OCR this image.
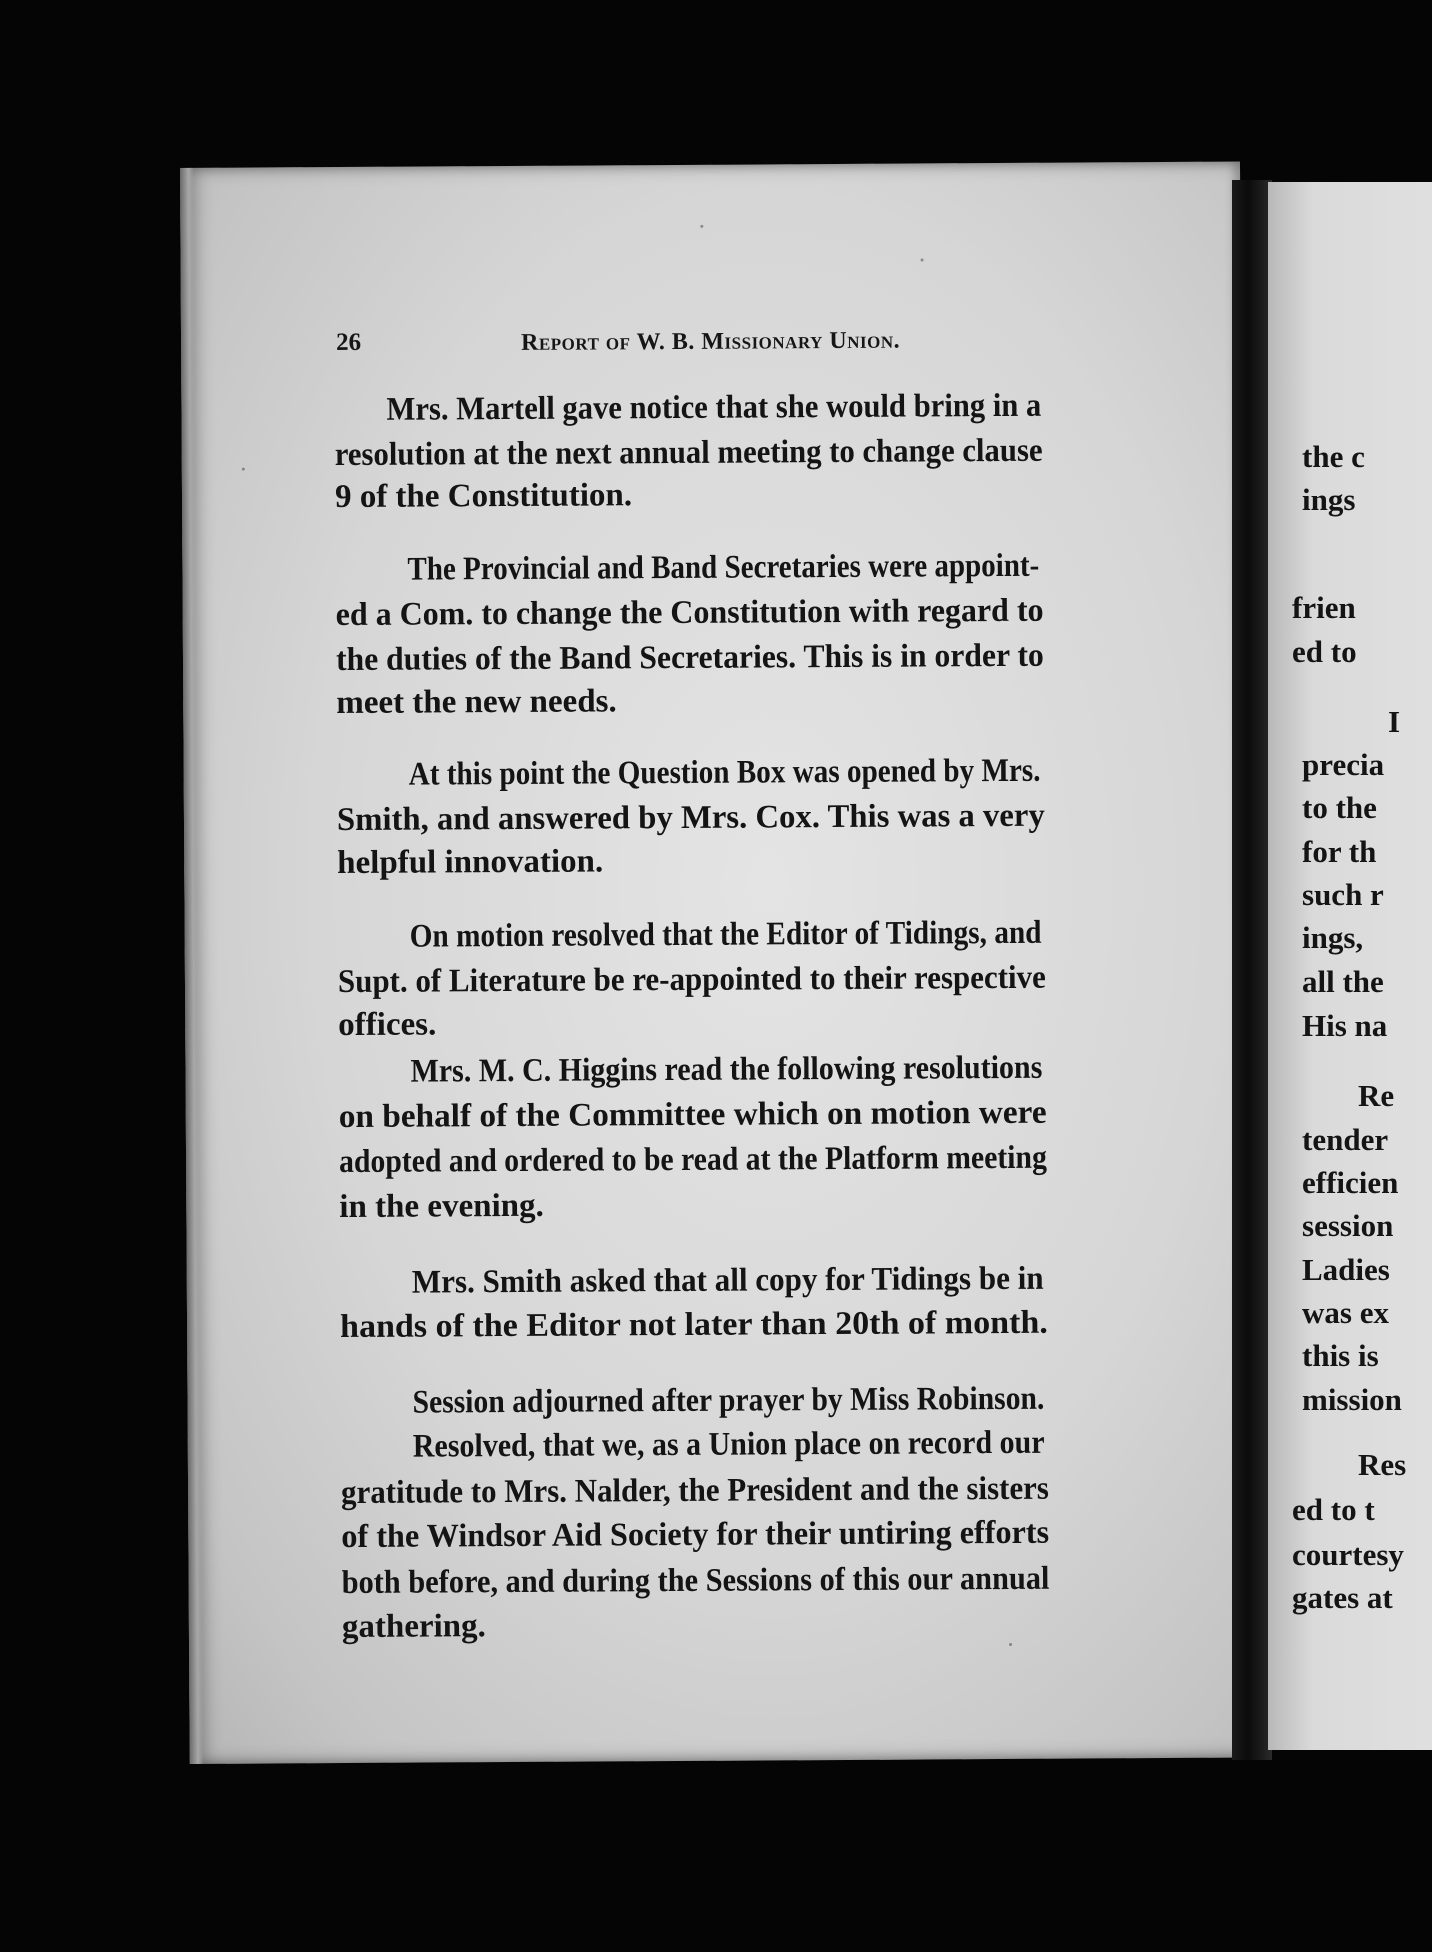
26	Report of W. B. Missionary Union.
Mrs. Martell gave notice that she would bring in a
resolution at the next annual meeting to change clause
9 of the Constitution.
The Provincial and Band Secretaries were appoint-
ed a Com. to change the Constitution with regard to
the duties of the Band Secretaries. This is in order to
meet the new needs.
At this point the Question Box was opened by Mrs.
Smith, and answered by Mrs. Cox. This was a very
helpful innovation.
On motion resolved that the Editor of Tidings, and
Supt. of Literature be re-appointed to their respective
offices.
Mrs. M. C. Higgins read the following resolutions
on behalf of the Committee which on motion were
adopted and ordered to be read at the Platform meeting
in the evening.
Mrs. Smith asked that all copy for Tidings be in
hands of the Editor not later than 20th of month.
Session adjourned after prayer by Miss Robinson.
Resolved, that we, as a Union place on record our
gratitude to Mrs. Nalder, the President and the sisters
of the Windsor Aid Society for their untiring efforts
both before, and during the Sessions of this our annual
gathering.
the c
ings
frien
ed to
I
precia
to the
for th
such r
ings,
all the
His na
Re
tender
efficien
session
Ladies
was ex
this is
mission
Res
ed to t
courtesy
gates at
